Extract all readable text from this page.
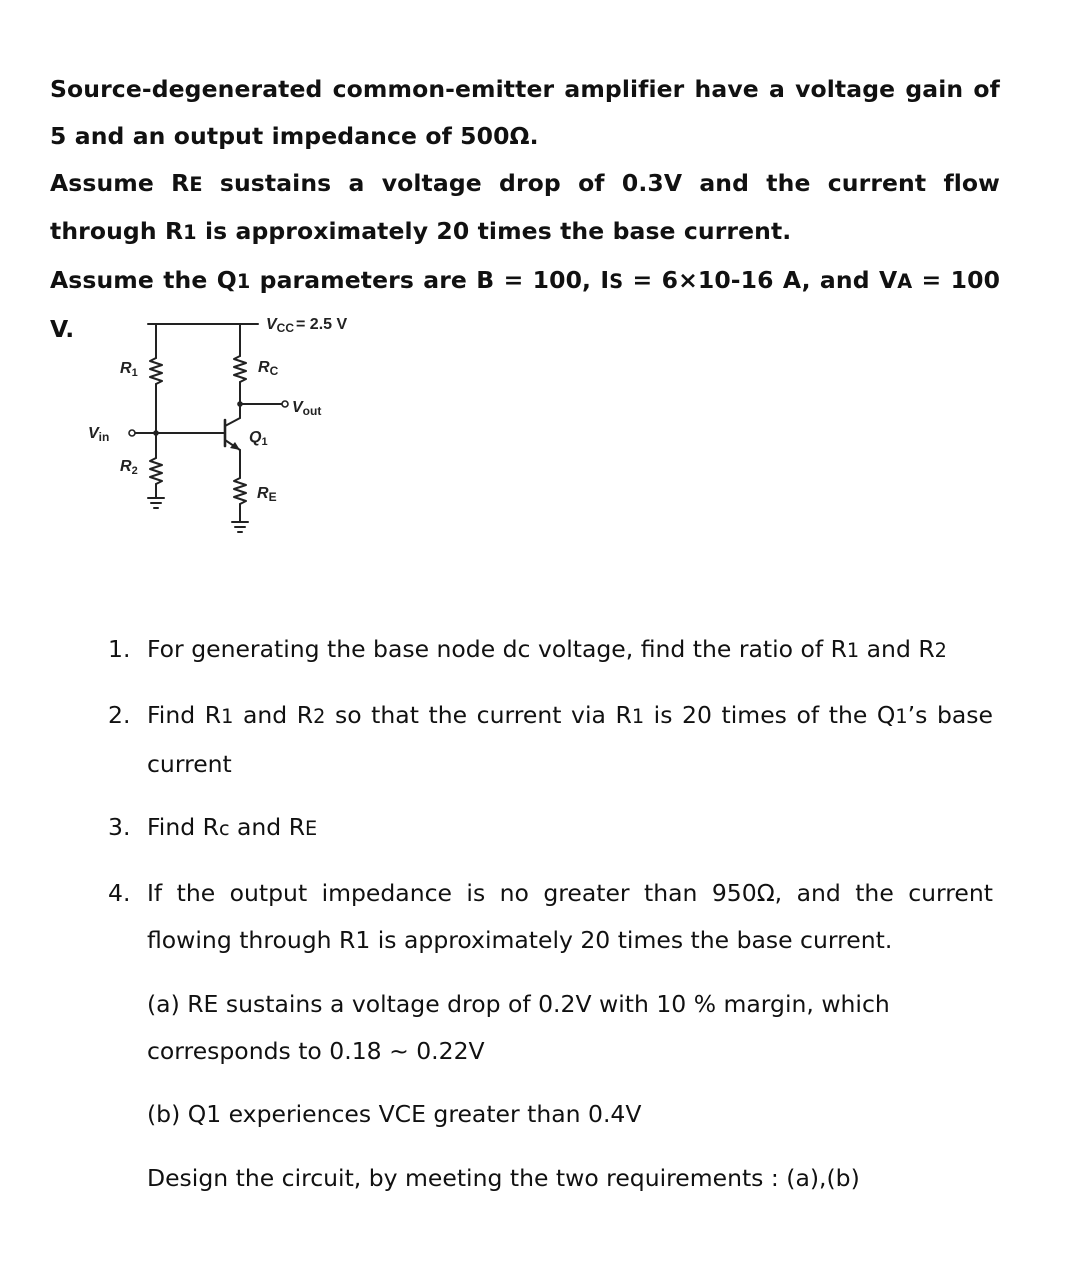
Source-degenerated common-emitter amplifier have a voltage gain of 5 and an output impedance of 500Ω.

Assume RE sustains a voltage drop of 0.3V and the current flow through R1 is approximately 20 times the base current.

Assume the Q1 parameters are B = 100, IS = 6×10-16 A, and VA = 100 V.	VCC = 2.5 V
R1
R2
RC
RE
Q1
Vout
Vin
1. For generating the base node dc voltage, find the ratio of R1 and R2
2. Find R1 and R2 so that the current via R1 is 20 times of the Q1’s base current
3. Find Rc and RE
4. If the output impedance is no greater than 950Ω, and the current flowing through R1 is approximately 20 times the base current.

(a) RE sustains a voltage drop of 0.2V with 10 % margin, which corresponds to 0.18 ~ 0.22V

(b) Q1 experiences VCE greater than 0.4V

Design the circuit, by meeting the two requirements : (a),(b)
